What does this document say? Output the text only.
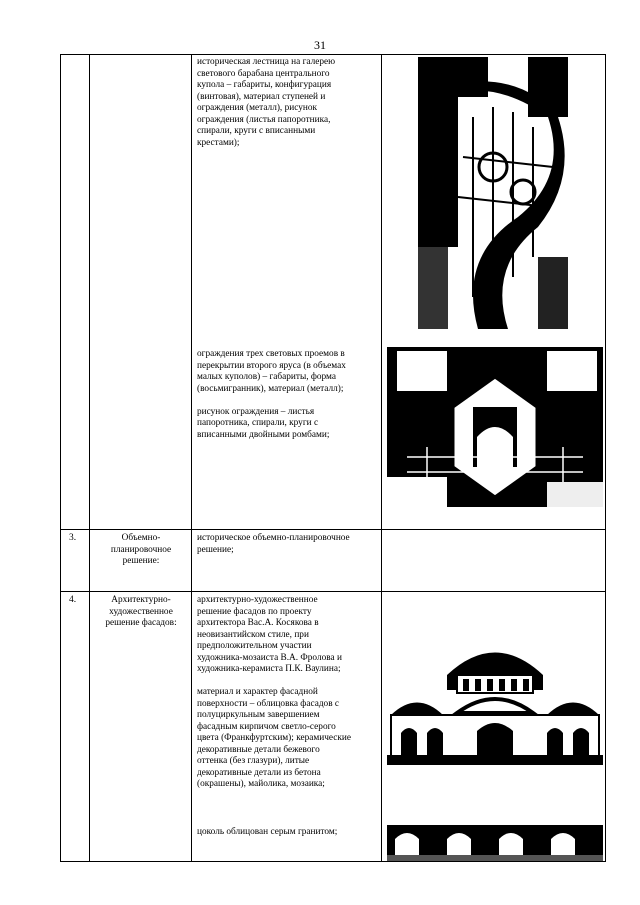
31
историческая лестница на галерею
светового барабана центрального
купола – габариты, конфигурация
(винтовая), материал ступеней и
ограждения (металл), рисунок
ограждения (листья папоротника,
спирали, круги с вписанными
крестами);
ограждения трех световых проемов в
перекрытии второго яруса (в объемах
малых куполов) – габариты, форма
(восьмигранник), материал (металл);

рисунок ограждения – листья
папоротника, спирали, круги с
вписанными двойными ромбами;
3.	Объемно-
планировочное
решение:
историческое объемно-планировочное
решение;
4.	Архитектурно-
художественное
решение фасадов:
архитектурно-художественное
решение фасадов по проекту
архитектора Вас.А. Косякова в
неовизантийском стиле, при
предположительном участии
художника-мозаиста В.А. Фролова и
художника-керамиста П.К. Ваулина;

материал и характер фасадной
поверхности – облицовка фасадов с
полуциркульным завершением
фасадным кирпичом светло-серого
цвета (Франкфуртским); керамические
декоративные детали бежевого
оттенка (без глазури), литые
декоративные детали из бетона
(окрашены), майолика, мозаика;
цоколь облицован серым гранитом;
